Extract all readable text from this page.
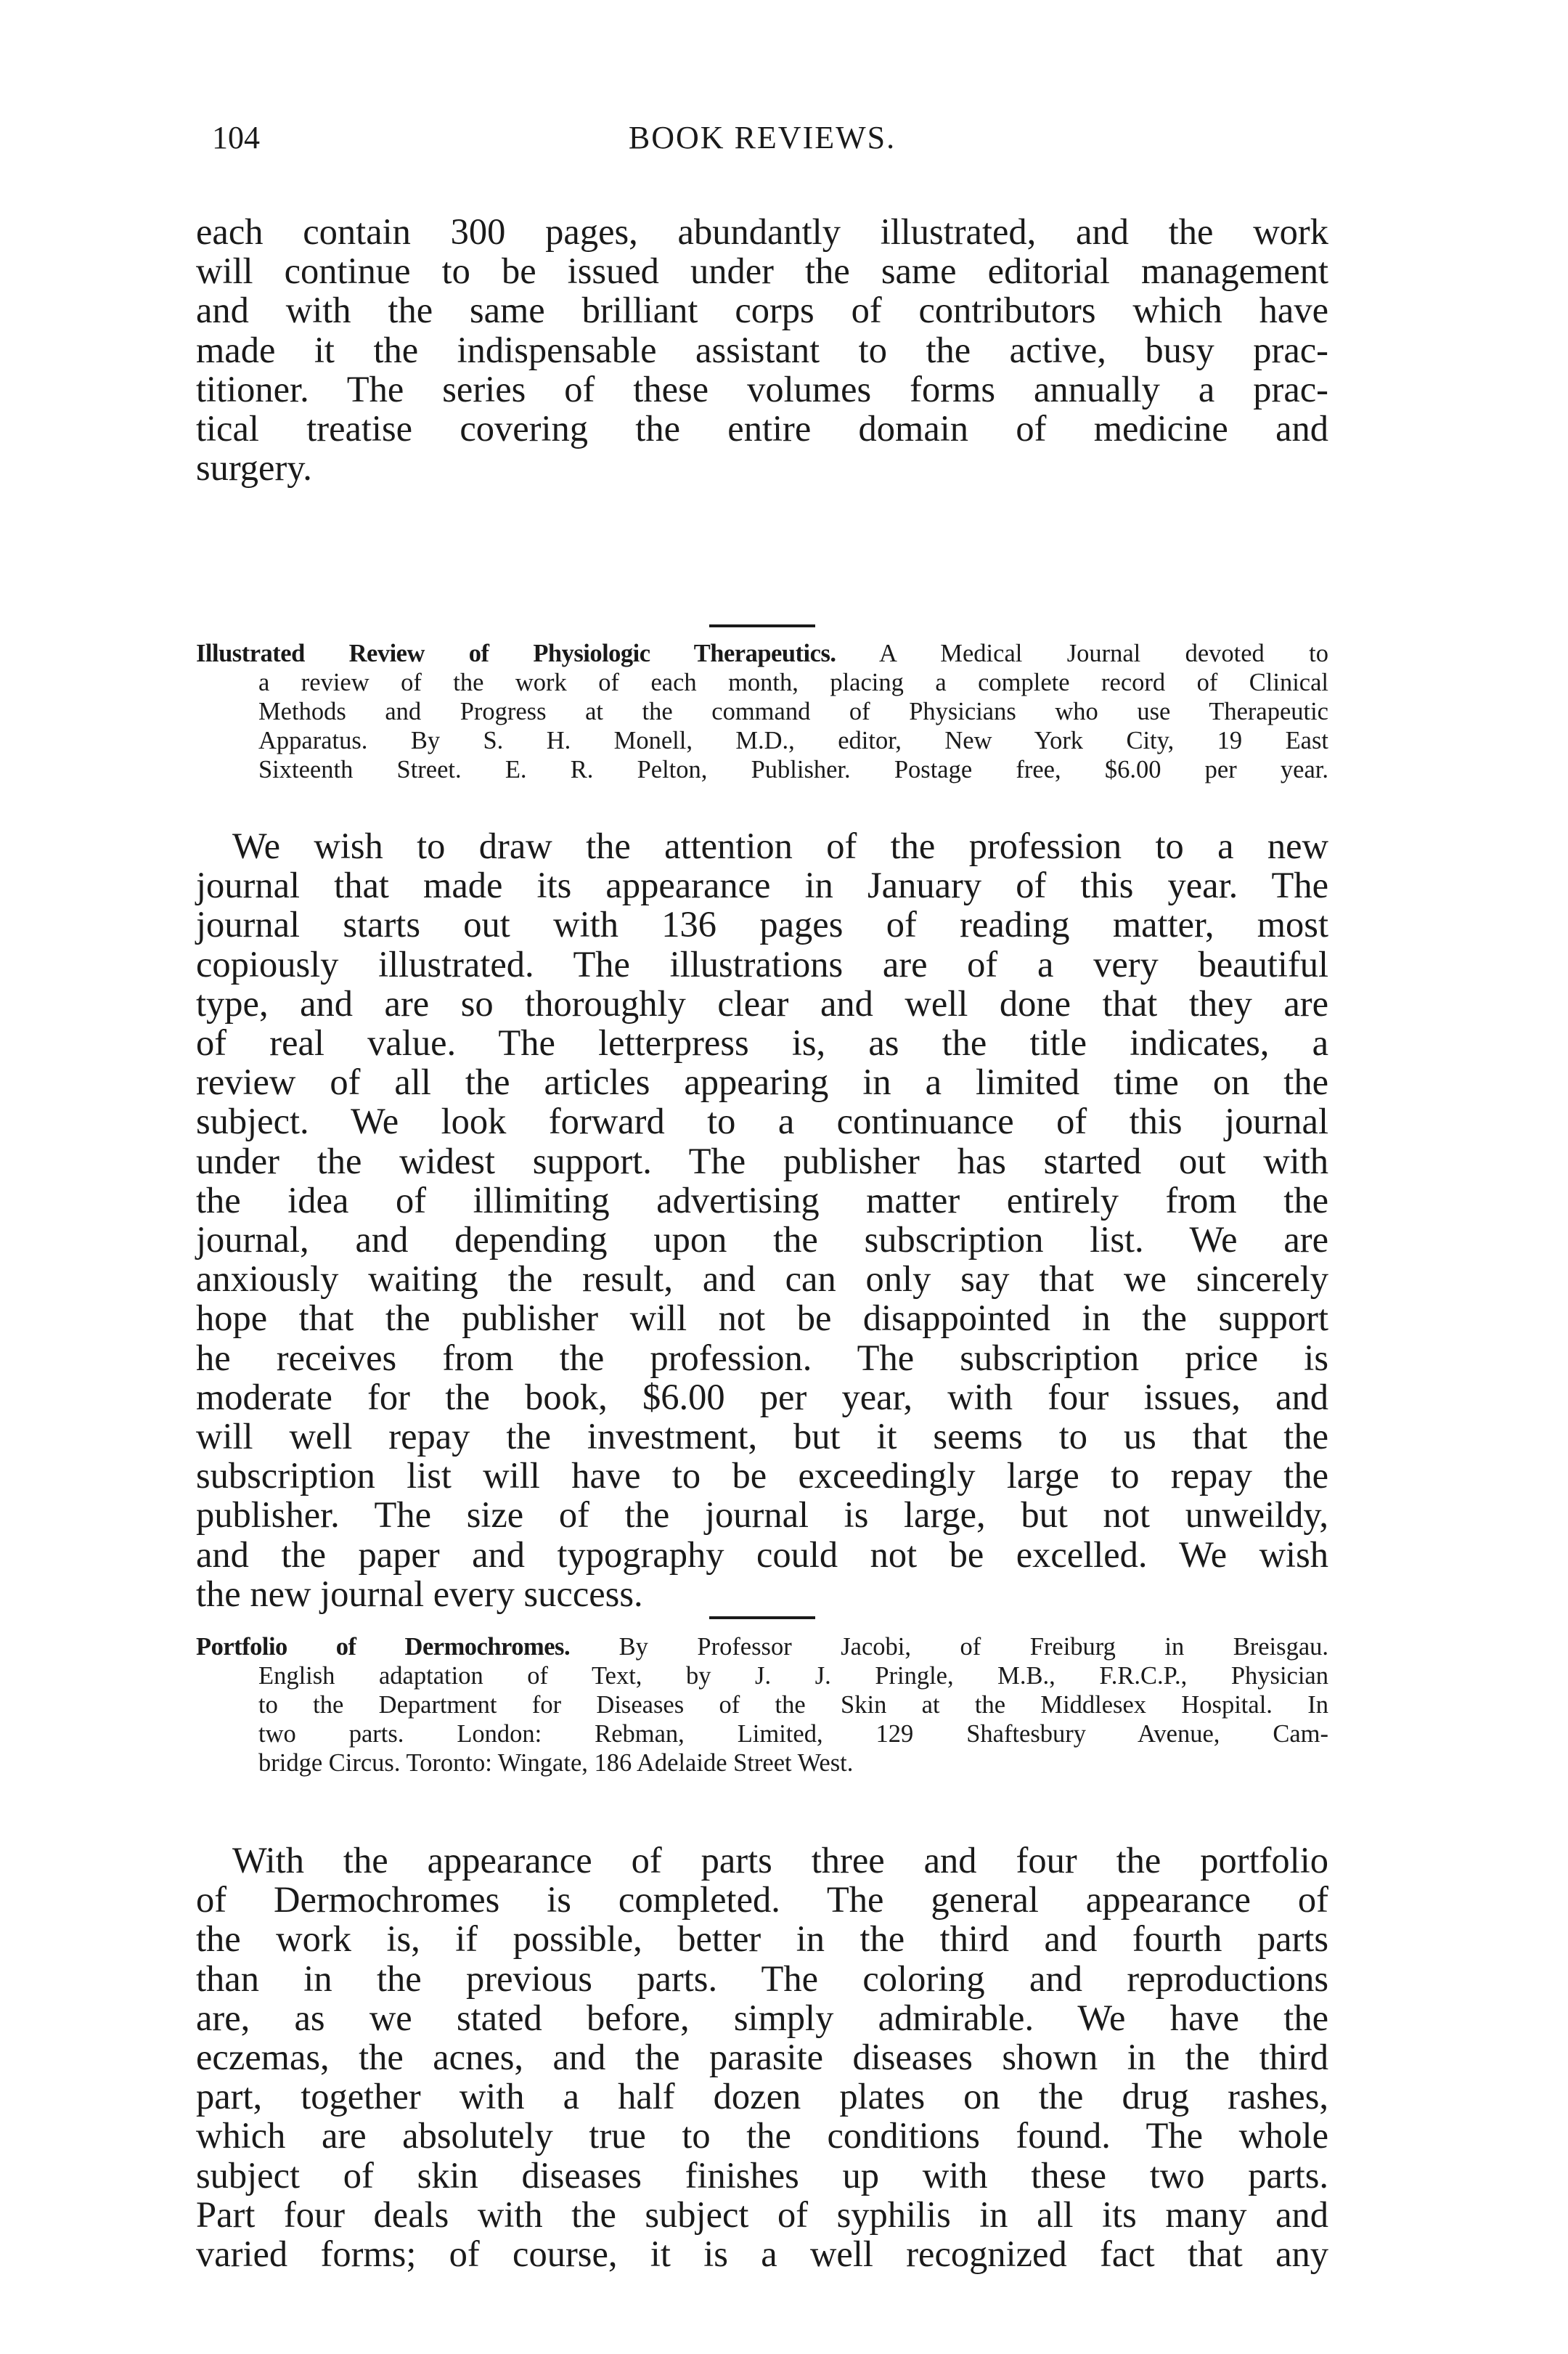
104	BOOK REVIEWS.

each contain 300 pages, abundantly illustrated, and the work
will continue to be issued under the same editorial management
and with the same brilliant corps of contributors which have
made it the indispensable assistant to the active, busy prac-
titioner. The series of these volumes forms annually a prac-
tical treatise covering the entire domain of medicine and
surgery.

Illustrated Review of Physiologic Therapeutics. A Medical Journal devoted to
a review of the work of each month, placing a complete record of Clinical
Methods and Progress at the command of Physicians who use Therapeutic
Apparatus. By S. H. Monell, M.D., editor, New York City, 19 East
Sixteenth Street. E. R. Pelton, Publisher. Postage free, $6.00 per year.

We wish to draw the attention of the profession to a new
journal that made its appearance in January of this year. The
journal starts out with 136 pages of reading matter, most
copiously illustrated. The illustrations are of a very beautiful
type, and are so thoroughly clear and well done that they are
of real value. The letterpress is, as the title indicates, a
review of all the articles appearing in a limited time on the
subject. We look forward to a continuance of this journal
under the widest support. The publisher has started out with
the idea of illimiting advertising matter entirely from the
journal, and depending upon the subscription list. We are
anxiously waiting the result, and can only say that we sincerely
hope that the publisher will not be disappointed in the support
he receives from the profession. The subscription price is
moderate for the book, $6.00 per year, with four issues, and
will well repay the investment, but it seems to us that the
subscription list will have to be exceedingly large to repay the
publisher. The size of the journal is large, but not unweildy,
and the paper and typography could not be excelled. We wish
the new journal every success.

Portfolio of Dermochromes. By Professor Jacobi, of Freiburg in Breisgau.
English adaptation of Text, by J. J. Pringle, M.B., F.R.C.P., Physician
to the Department for Diseases of the Skin at the Middlesex Hospital. In
two parts. London: Rebman, Limited, 129 Shaftesbury Avenue, Cam-
bridge Circus. Toronto: Wingate, 186 Adelaide Street West.

With the appearance of parts three and four the portfolio
of Dermochromes is completed. The general appearance of
the work is, if possible, better in the third and fourth parts
than in the previous parts. The coloring and reproductions
are, as we stated before, simply admirable. We have the
eczemas, the acnes, and the parasite diseases shown in the third
part, together with a half dozen plates on the drug rashes,
which are absolutely true to the conditions found. The whole
subject of skin diseases finishes up with these two parts.
Part four deals with the subject of syphilis in all its many and
varied forms; of course, it is a well recognized fact that any
